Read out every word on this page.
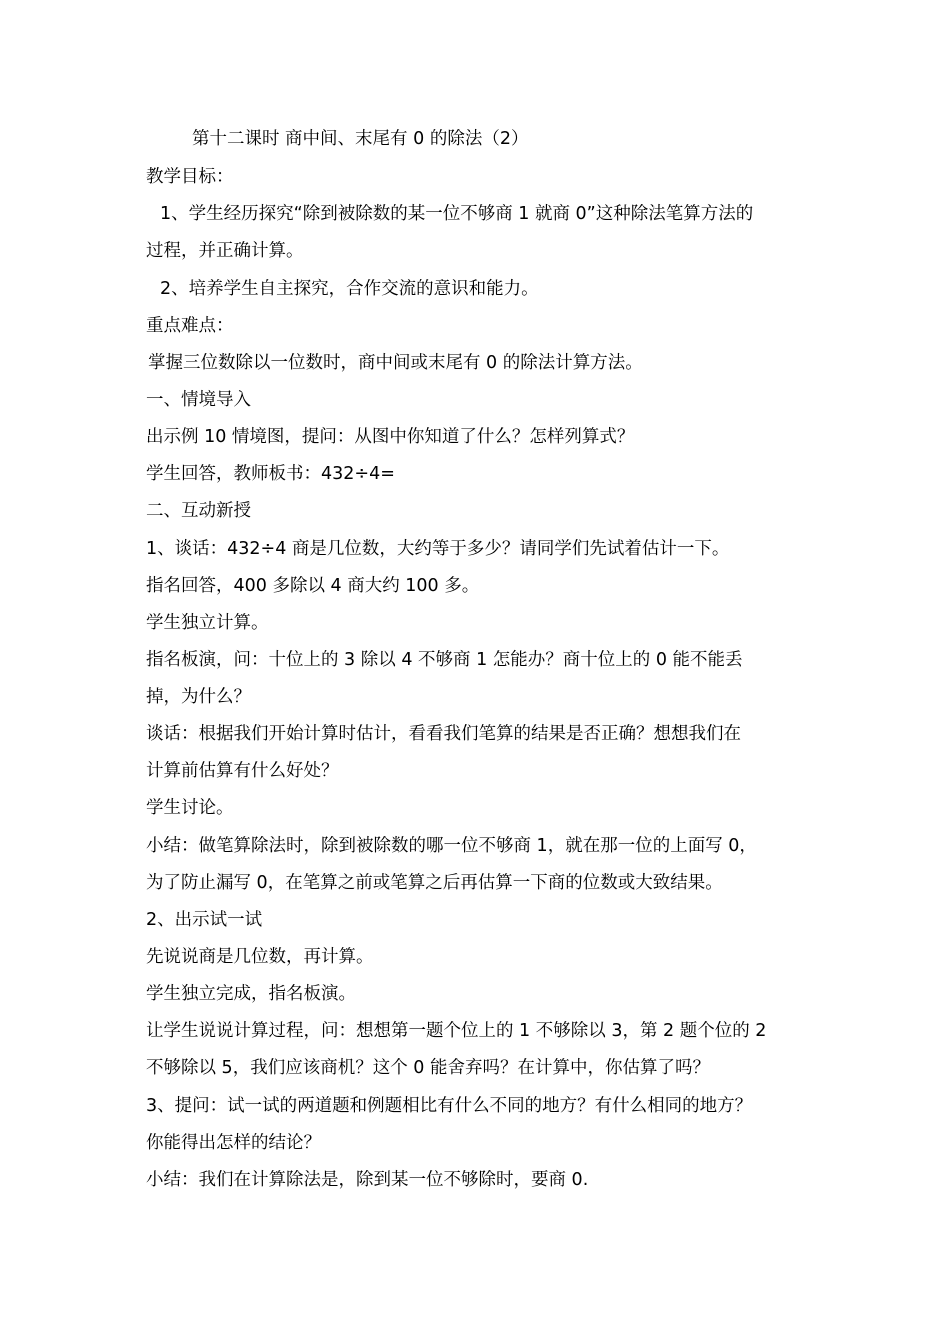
第十二课时 商中间、末尾有 0 的除法（2）
教学目标：
1、学生经历探究“除到被除数的某一位不够商 1 就商 0”这种除法笔算方法的
过程，并正确计算。
2、培养学生自主探究，合作交流的意识和能力。
重点难点：
掌握三位数除以一位数时，商中间或末尾有 0 的除法计算方法。
一、情境导入
出示例 10 情境图，提问：从图中你知道了什么？怎样列算式？
学生回答，教师板书：432÷4=
二、互动新授
1、谈话：432÷4 商是几位数，大约等于多少？请同学们先试着估计一下。
指名回答，400 多除以 4 商大约 100 多。
学生独立计算。
指名板演，问：十位上的 3 除以 4 不够商 1 怎能办？商十位上的 0 能不能丢
掉，为什么？
谈话：根据我们开始计算时估计，看看我们笔算的结果是否正确？想想我们在
计算前估算有什么好处？
学生讨论。
小结：做笔算除法时，除到被除数的哪一位不够商 1，就在那一位的上面写 0，
为了防止漏写 0，在笔算之前或笔算之后再估算一下商的位数或大致结果。
2、出示试一试
先说说商是几位数，再计算。
学生独立完成，指名板演。
让学生说说计算过程，问：想想第一题个位上的 1 不够除以 3，第 2 题个位的 2
不够除以 5，我们应该商机？这个 0 能舍弃吗？在计算中，你估算了吗？
3、提问：试一试的两道题和例题相比有什么不同的地方？有什么相同的地方？
你能得出怎样的结论？
小结：我们在计算除法是，除到某一位不够除时，要商 0.
